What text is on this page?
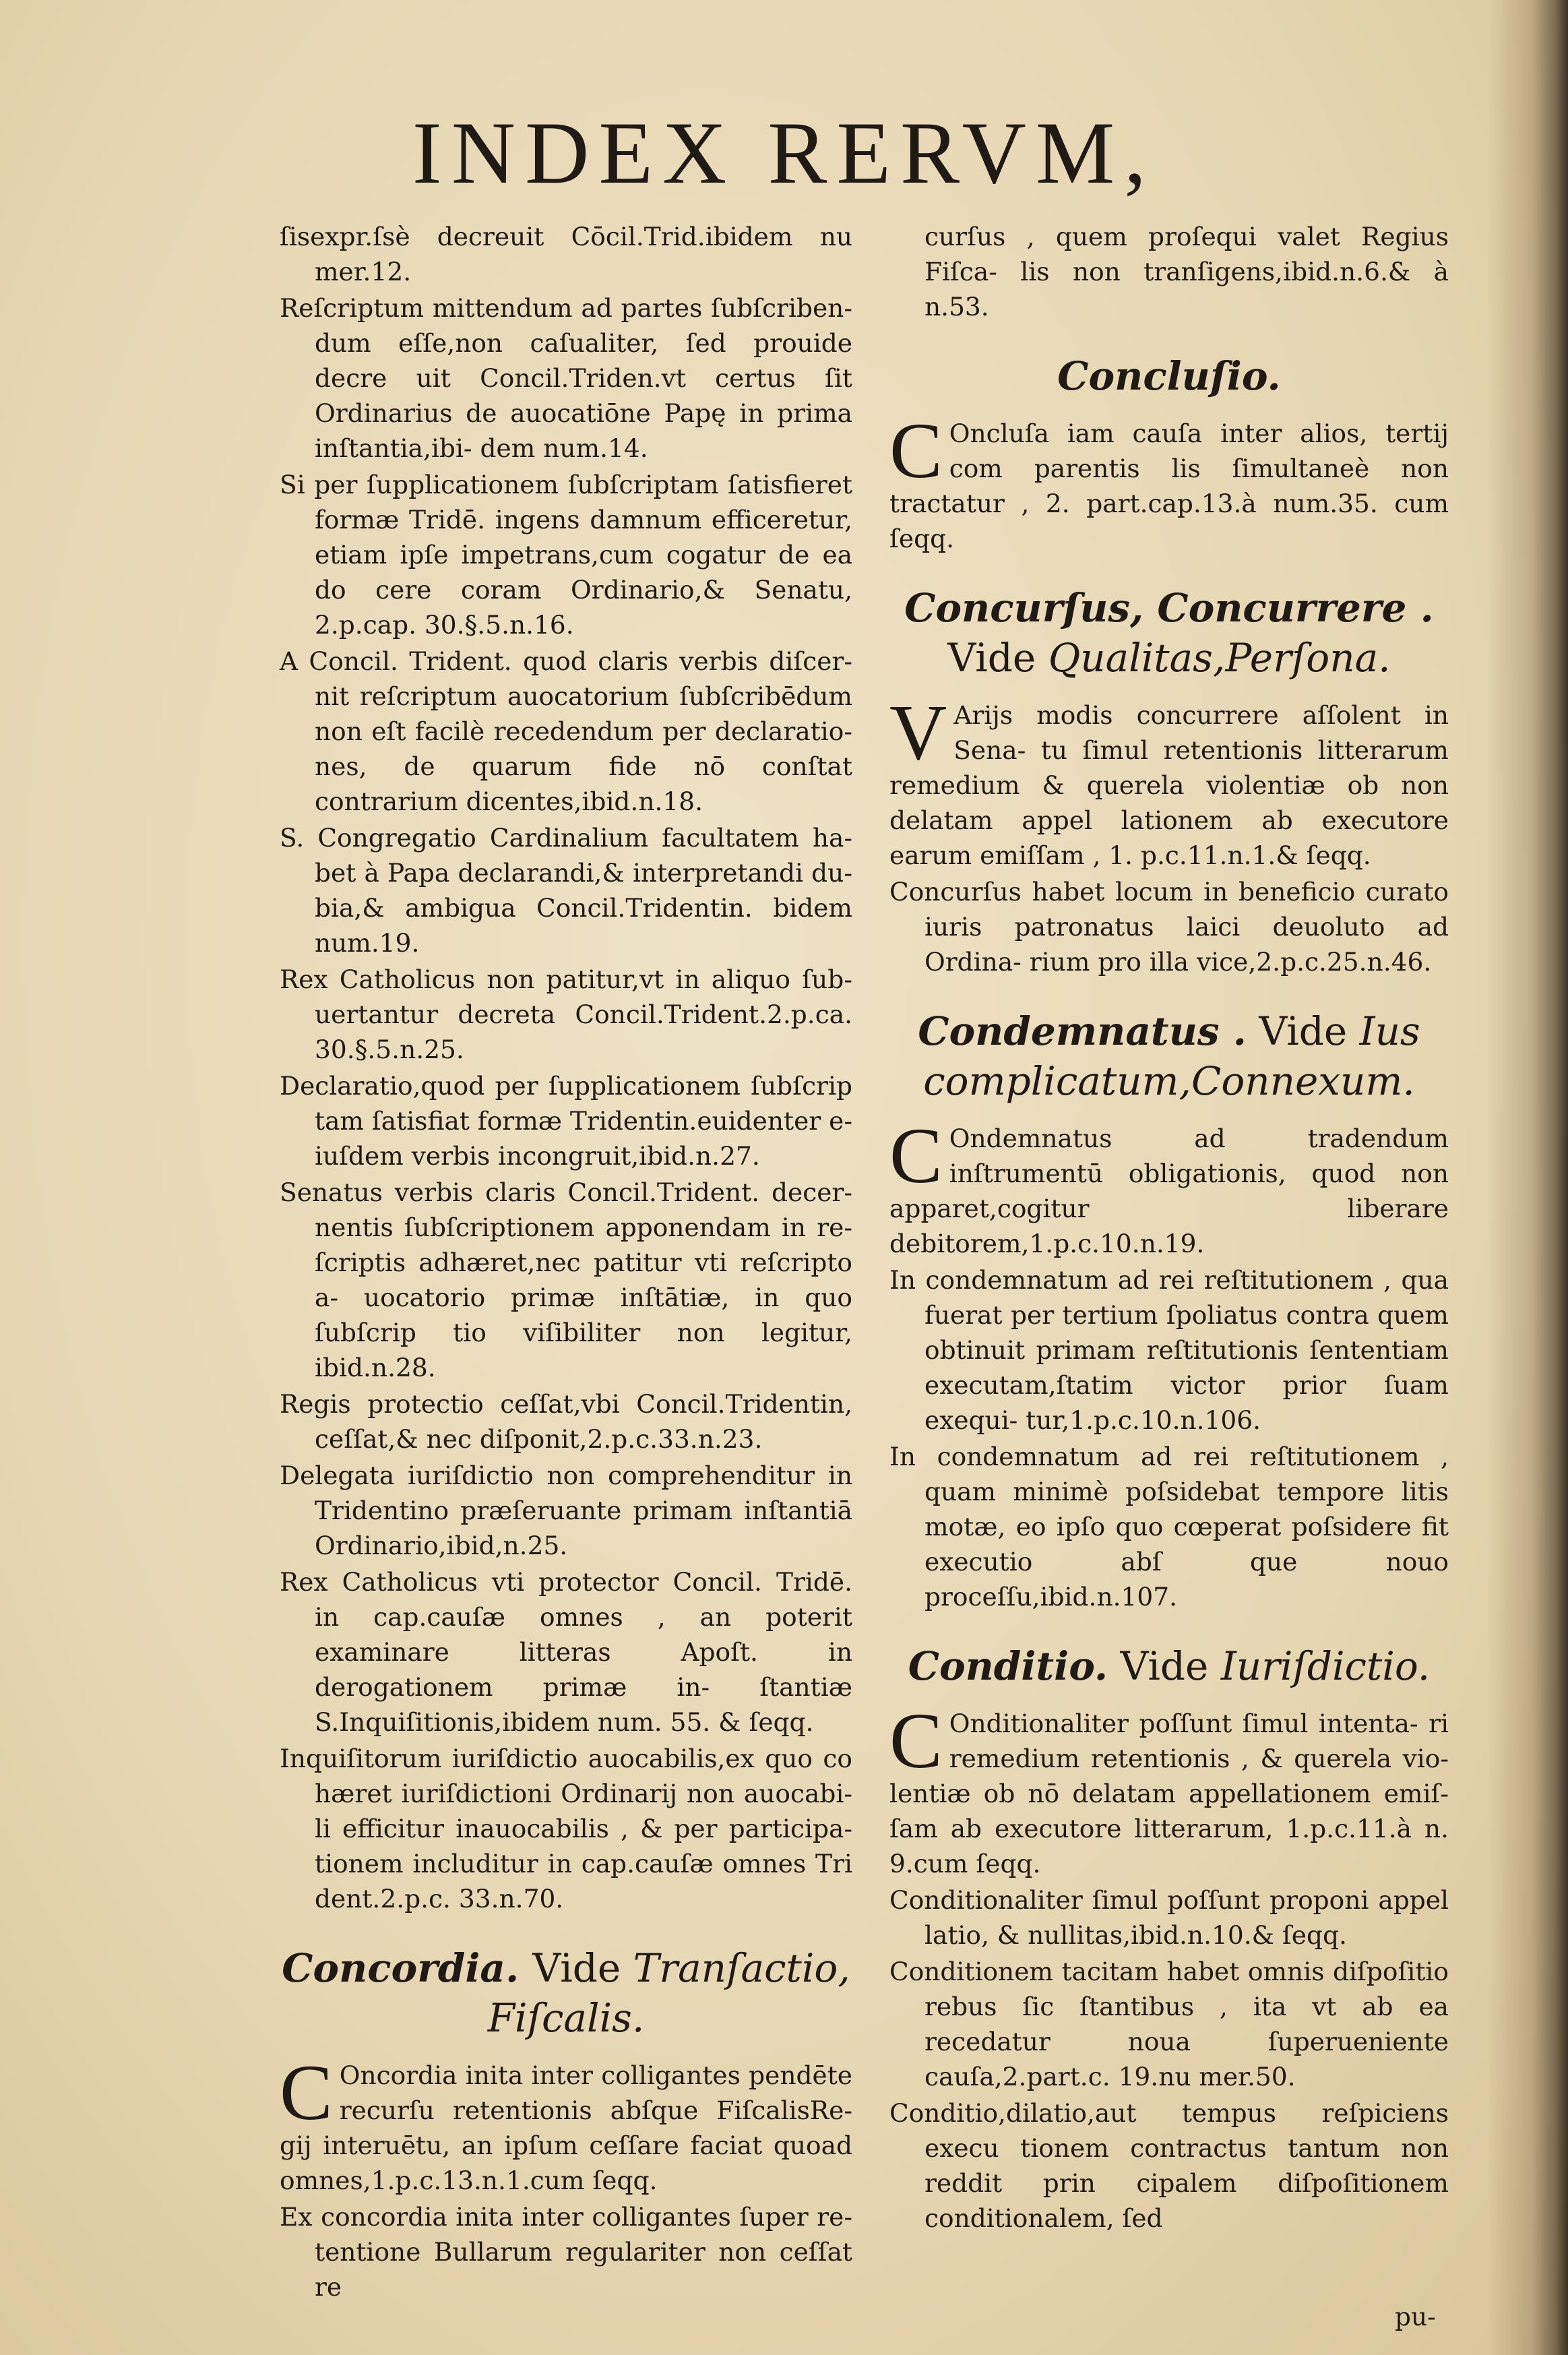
INDEX RERVM,

ſisexpr.ſsè decreuit Cōcil.Trid.ibidem nu mer.12.

Reſcriptum mittendum ad partes ſubſcriben- dum eſſe,non caſualiter, ſed prouide decre uit Concil.Triden.vt certus ſit Ordinarius de auocatiōne Papę in prima inſtantia,ibi- dem num.14.

Si per ſupplicationem ſubſcriptam ſatisfieret formæ Tridē. ingens damnum efficeretur, etiam ipſe impetrans,cum cogatur de ea do cere coram Ordinario,& Senatu, 2.p.cap. 30.§.5.n.16.

A Concil. Trident. quod claris verbis diſcer- nit reſcriptum auocatorium ſubſcribēdum non eſt facilè recedendum per declaratio- nes, de quarum fide nō conſtat contrarium dicentes,ibid.n.18.

S. Congregatio Cardinalium facultatem ha- bet à Papa declarandi,& interpretandi du- bia,& ambigua Concil.Tridentin. bidem num.19.

Rex Catholicus non patitur,vt in aliquo ſub- uertantur decreta Concil.Trident.2.p.ca. 30.§.5.n.25.

Declaratio,quod per ſupplicationem ſubſcrip tam ſatisfiat formæ Tridentin.euidenter e- iuſdem verbis incongruit,ibid.n.27.

Senatus verbis claris Concil.Trident. decer- nentis ſubſcriptionem apponendam in re- ſcriptis adhæret,nec patitur vti reſcripto a- uocatorio primæ inſtātiæ, in quo ſubſcrip tio viſibiliter non legitur, ibid.n.28.

Regis protectio ceſſat,vbi Concil.Tridentin, ceſſat,& nec diſponit,2.p.c.33.n.23.

Delegata iuriſdictio non comprehenditur in Tridentino præſeruante primam inſtantiā Ordinario,ibid,n.25.

Rex Catholicus vti protector Concil. Tridē. in cap.cauſæ omnes , an poterit examinare litteras Apoſt. in derogationem primæ in- ſtantiæ S.Inquiſitionis,ibidem num. 55. & ſeqq.

Inquiſitorum iuriſdictio auocabilis,ex quo co hæret iuriſdictioni Ordinarij non auocabi- li efficitur inauocabilis , & per participa- tionem includitur in cap.cauſæ omnes Tri dent.2.p.c. 33.n.70.

Concordia. Vide Tranſactio, Fiſcalis.

C Oncordia inita inter colligantes pendēte recurſu retentionis abſque FiſcalisRe- gij interuētu, an ipſum ceſſare faciat quoad omnes,1.p.c.13.n.1.cum ſeqq.

Ex concordia inita inter colligantes ſuper re- tentione Bullarum regulariter non ceſſat re

curſus , quem proſequi valet Regius Fiſca- lis non tranſigens,ibid.n.6.& à n.53.

Concluſio.

C Oncluſa iam cauſa inter alios, tertij com parentis lis ſimultaneè non tractatur , 2. part.cap.13.à num.35. cum ſeqq.

Concurſus, Concurrere . Vide Qualitas,Perſona.

V Arijs modis concurrere aſſolent in Sena- tu ſimul retentionis litterarum remedium & querela violentiæ ob non delatam appel lationem ab executore earum emiſſam , 1. p.c.11.n.1.& ſeqq.

Concurſus habet locum in beneficio curato iuris patronatus laici deuoluto ad Ordina- rium pro illa vice,2.p.c.25.n.46.

Condemnatus . Vide Ius complicatum,Connexum.

C Ondemnatus ad tradendum inſtrumentū obligationis, quod non apparet,cogitur liberare debitorem,1.p.c.10.n.19.

In condemnatum ad rei reſtitutionem , qua fuerat per tertium ſpoliatus contra quem obtinuit primam reſtitutionis ſententiam executam,ſtatim victor prior ſuam exequi- tur,1.p.c.10.n.106.

In condemnatum ad rei reſtitutionem , quam minimè poſsidebat tempore litis motæ, eo ipſo quo cœperat poſsidere fit executio abſ que nouo proceſſu,ibid.n.107.

Conditio. Vide Iuriſdictio.

C Onditionaliter poſſunt ſimul intenta- ri remedium retentionis , & querela vio- lentiæ ob nō delatam appellationem emiſ- ſam ab executore litterarum, 1.p.c.11.à n. 9.cum ſeqq.

Conditionaliter ſimul poſſunt proponi appel latio, & nullitas,ibid.n.10.& ſeqq.

Conditionem tacitam habet omnis diſpoſitio rebus ſic ſtantibus , ita vt ab ea recedatur noua ſuperueniente cauſa,2.part.c. 19.nu mer.50.

Conditio,dilatio,aut tempus reſpiciens execu tionem contractus tantum non reddit prin cipalem diſpoſitionem conditionalem, ſed

pu-
